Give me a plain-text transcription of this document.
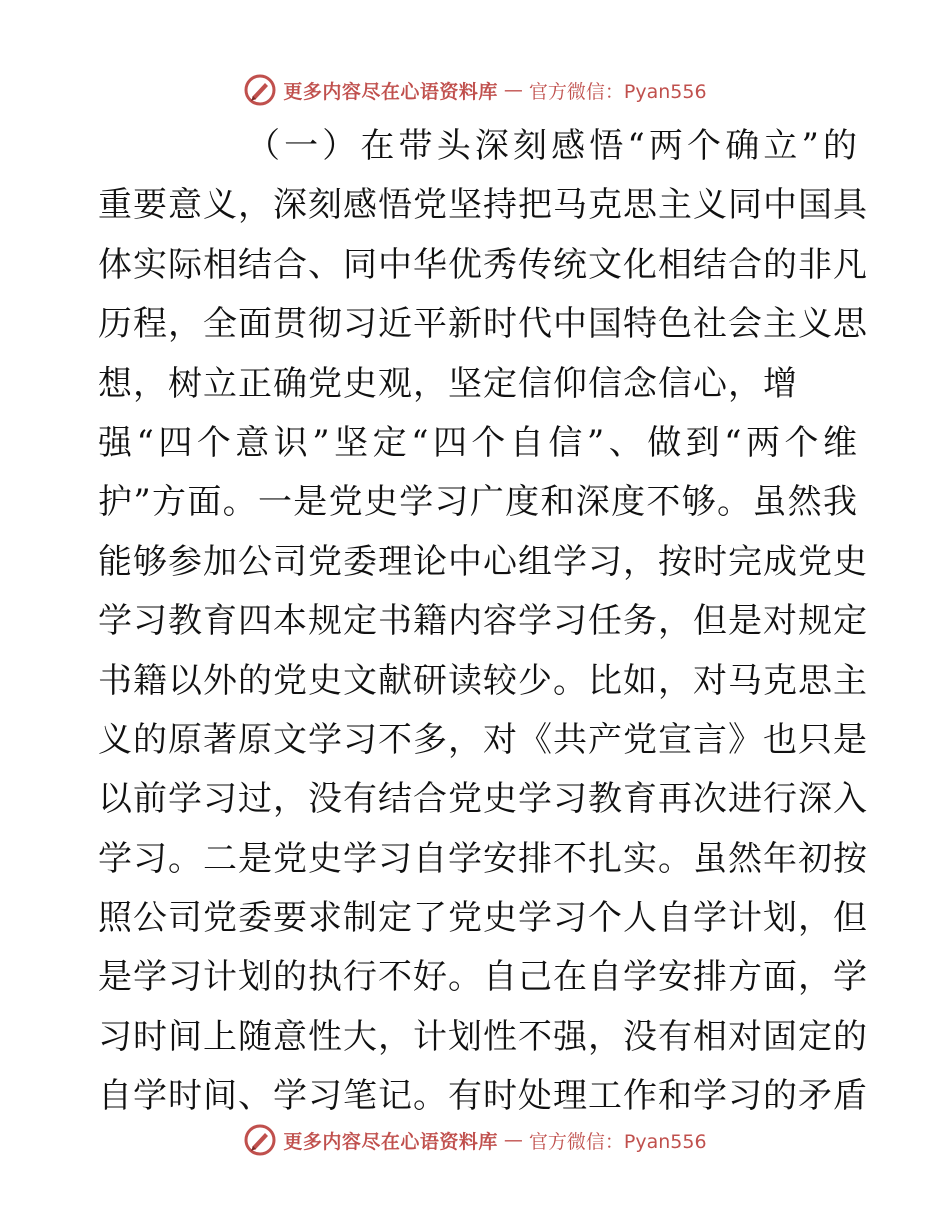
更多内容尽在心语资料库 — 官方微信：Pyan556
（一）在带头深刻感悟“两个确立”的
重要意义，深刻感悟党坚持把马克思主义同中国具
体实际相结合、同中华优秀传统文化相结合的非凡
历程，全面贯彻习近平新时代中国特色社会主义思
想，树立正确党史观，坚定信仰信念信心，增
强“四个意识”坚定“四个自信”、做到“两个维
护”方面。一是党史学习广度和深度不够。虽然我
能够参加公司党委理论中心组学习，按时完成党史
学习教育四本规定书籍内容学习任务，但是对规定
书籍以外的党史文献研读较少。比如，对马克思主
义的原著原文学习不多，对《共产党宣言》也只是
以前学习过，没有结合党史学习教育再次进行深入
学习。二是党史学习自学安排不扎实。虽然年初按
照公司党委要求制定了党史学习个人自学计划，但
是学习计划的执行不好。自己在自学安排方面，学
习时间上随意性大，计划性不强，没有相对固定的
自学时间、学习笔记。有时处理工作和学习的矛盾
更多内容尽在心语资料库 — 官方微信：Pyan556
